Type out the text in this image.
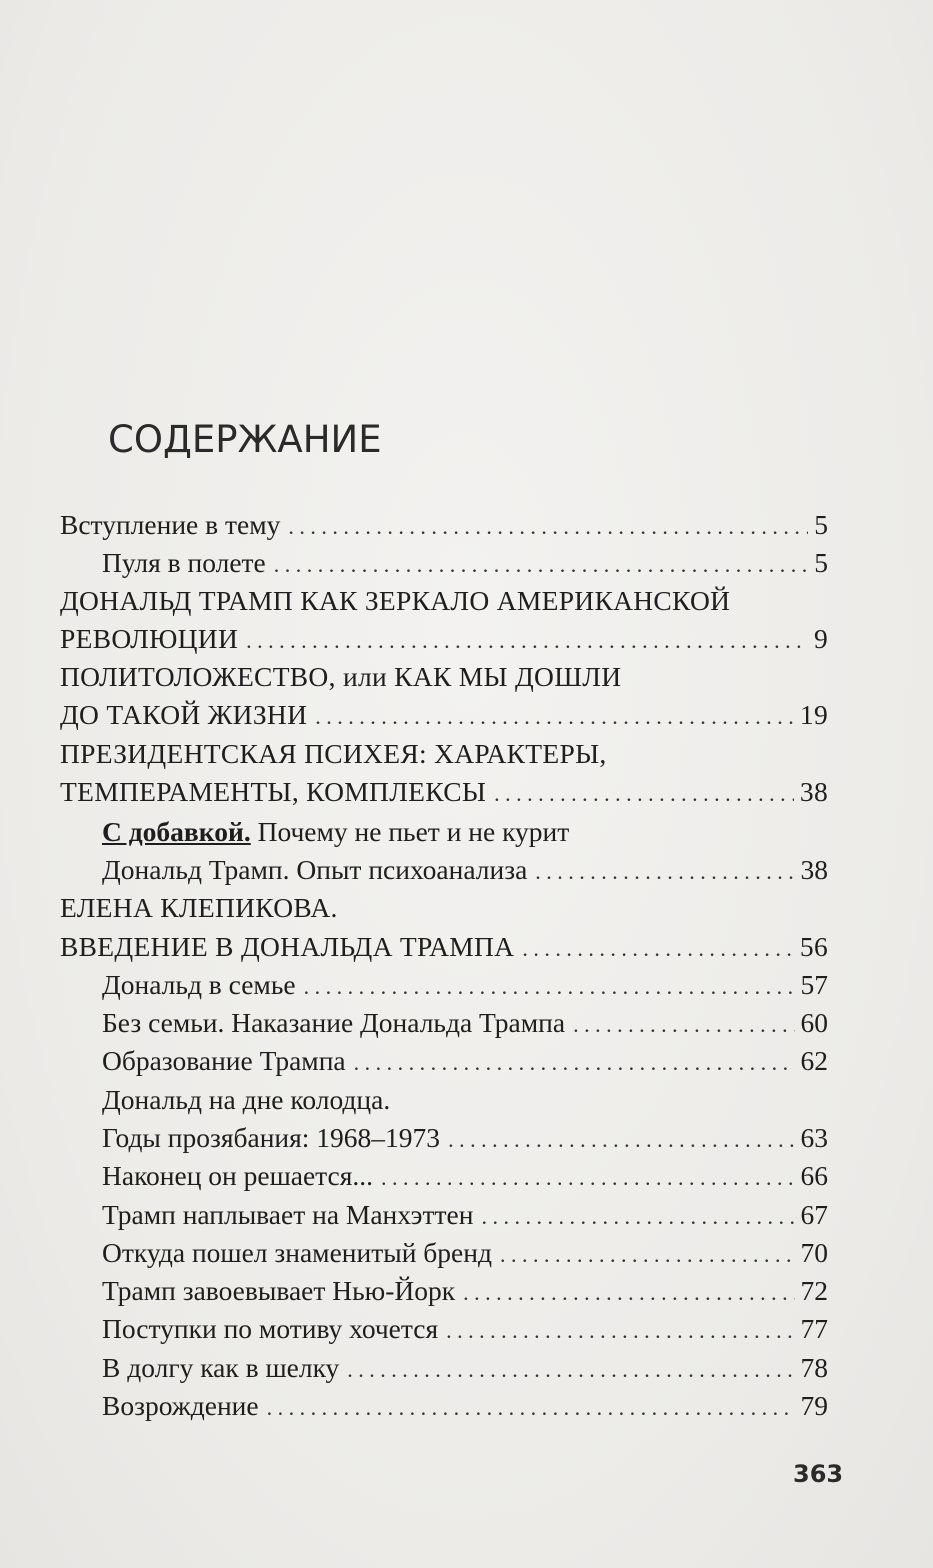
СОДЕРЖАНИЕ
Вступление в тему . . .	5
Пуля в полете . . .	5
ДОНАЛЬД ТРАМП КАК ЗЕРКАЛО АМЕРИКАНСКОЙ
РЕВОЛЮЦИИ . . .	9
ПОЛИТОЛОЖЕСТВО, или КАК МЫ ДОШЛИ
ДО ТАКОЙ ЖИЗНИ . . .	19
ПРЕЗИДЕНТСКАЯ ПСИХЕЯ: ХАРАКТЕРЫ,
ТЕМПЕРАМЕНТЫ, КОМПЛЕКСЫ . . .	38
С добавкой. Почему не пьет и не курит
Дональд Трамп. Опыт психоанализа . . .	38
ЕЛЕНА КЛЕПИКОВА.
ВВЕДЕНИЕ В ДОНАЛЬДА ТРАМПА . . .	56
Дональд в семье . . .	57
Без семьи. Наказание Дональда Трампа . . .	60
Образование Трампа . . .	62
Дональд на дне колодца.
Годы прозябания: 1968–1973 . . .	63
Наконец он решается... . . .	66
Трамп наплывает на Манхэттен . . .	67
Откуда пошел знаменитый бренд . . .	70
Трамп завоевывает Нью-Йорк . . .	72
Поступки по мотиву хочется . . .	77
В долгу как в шелку . . .	78
Возрождение . . .	79
363
